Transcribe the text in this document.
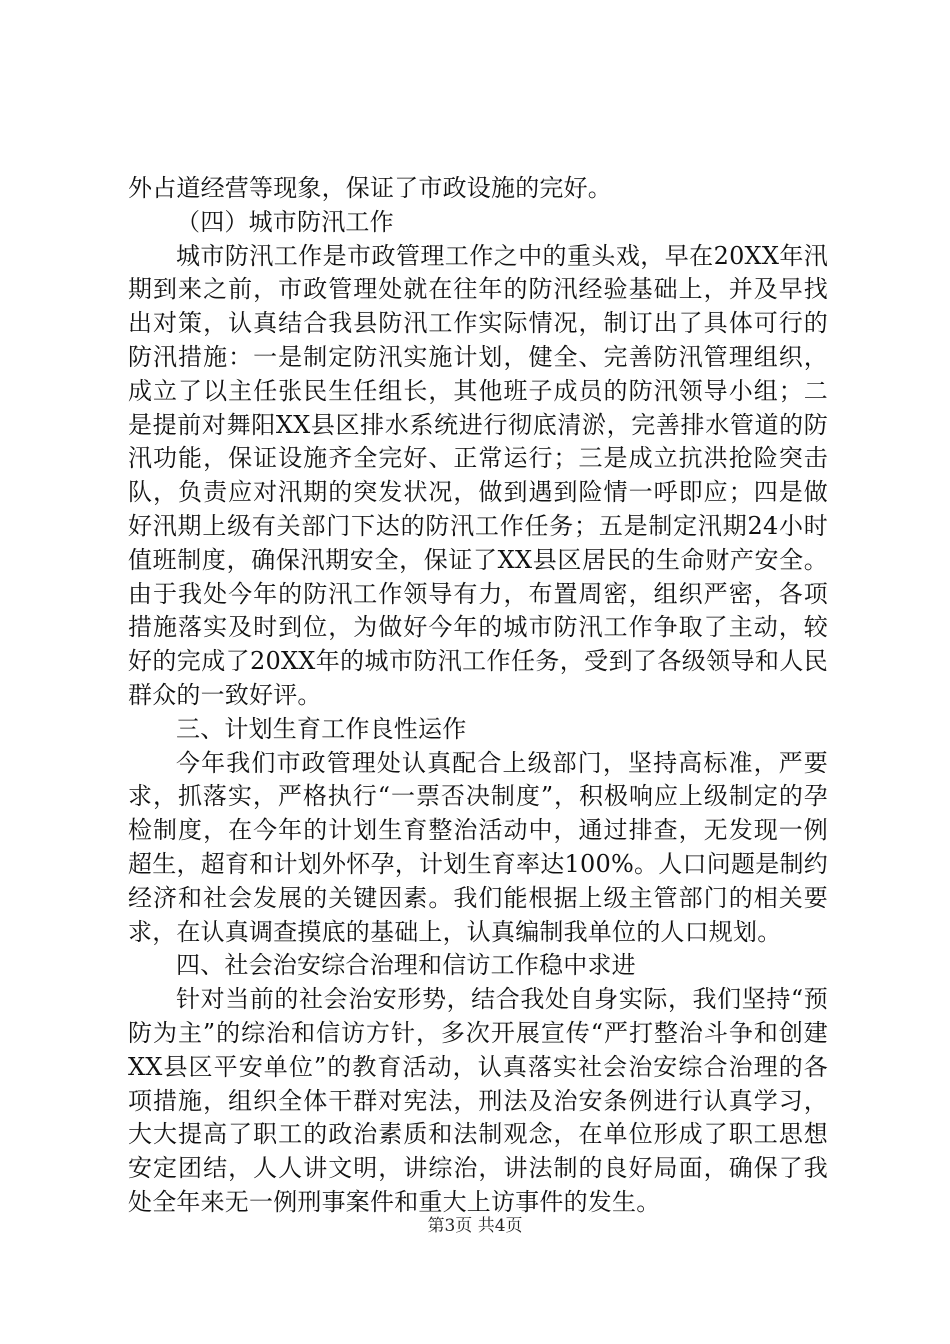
外占道经营等现象，保证了市政设施的完好。

（四）城市防汛工作

城市防汛工作是市政管理工作之中的重头戏，早在20XX年汛期到来之前，市政管理处就在往年的防汛经验基础上，并及早找出对策，认真结合我县防汛工作实际情况，制订出了具体可行的防汛措施：一是制定防汛实施计划，健全、完善防汛管理组织，成立了以主任张民生任组长，其他班子成员的防汛领导小组；二是提前对舞阳XX县区排水系统进行彻底清淤，完善排水管道的防汛功能，保证设施齐全完好、正常运行；三是成立抗洪抢险突击队，负责应对汛期的突发状况，做到遇到险情一呼即应；四是做好汛期上级有关部门下达的防汛工作任务；五是制定汛期24小时值班制度，确保汛期安全，保证了XX县区居民的生命财产安全。由于我处今年的防汛工作领导有力，布置周密，组织严密，各项措施落实及时到位，为做好今年的城市防汛工作争取了主动，较好的完成了20XX年的城市防汛工作任务，受到了各级领导和人民群众的一致好评。

三、计划生育工作良性运作

今年我们市政管理处认真配合上级部门，坚持高标准，严要求，抓落实，严格执行“一票否决制度”，积极响应上级制定的孕检制度，在今年的计划生育整治活动中，通过排查，无发现一例超生，超育和计划外怀孕，计划生育率达100%。人口问题是制约经济和社会发展的关键因素。我们能根据上级主管部门的相关要求，在认真调查摸底的基础上，认真编制我单位的人口规划。

四、社会治安综合治理和信访工作稳中求进

针对当前的社会治安形势，结合我处自身实际，我们坚持“预防为主”的综治和信访方针，多次开展宣传“严打整治斗争和创建XX县区平安单位”的教育活动，认真落实社会治安综合治理的各项措施，组织全体干群对宪法，刑法及治安条例进行认真学习，大大提高了职工的政治素质和法制观念，在单位形成了职工思想安定团结，人人讲文明，讲综治，讲法制的良好局面，确保了我处全年来无一例刑事案件和重大上访事件的发生。

第3页 共4页
